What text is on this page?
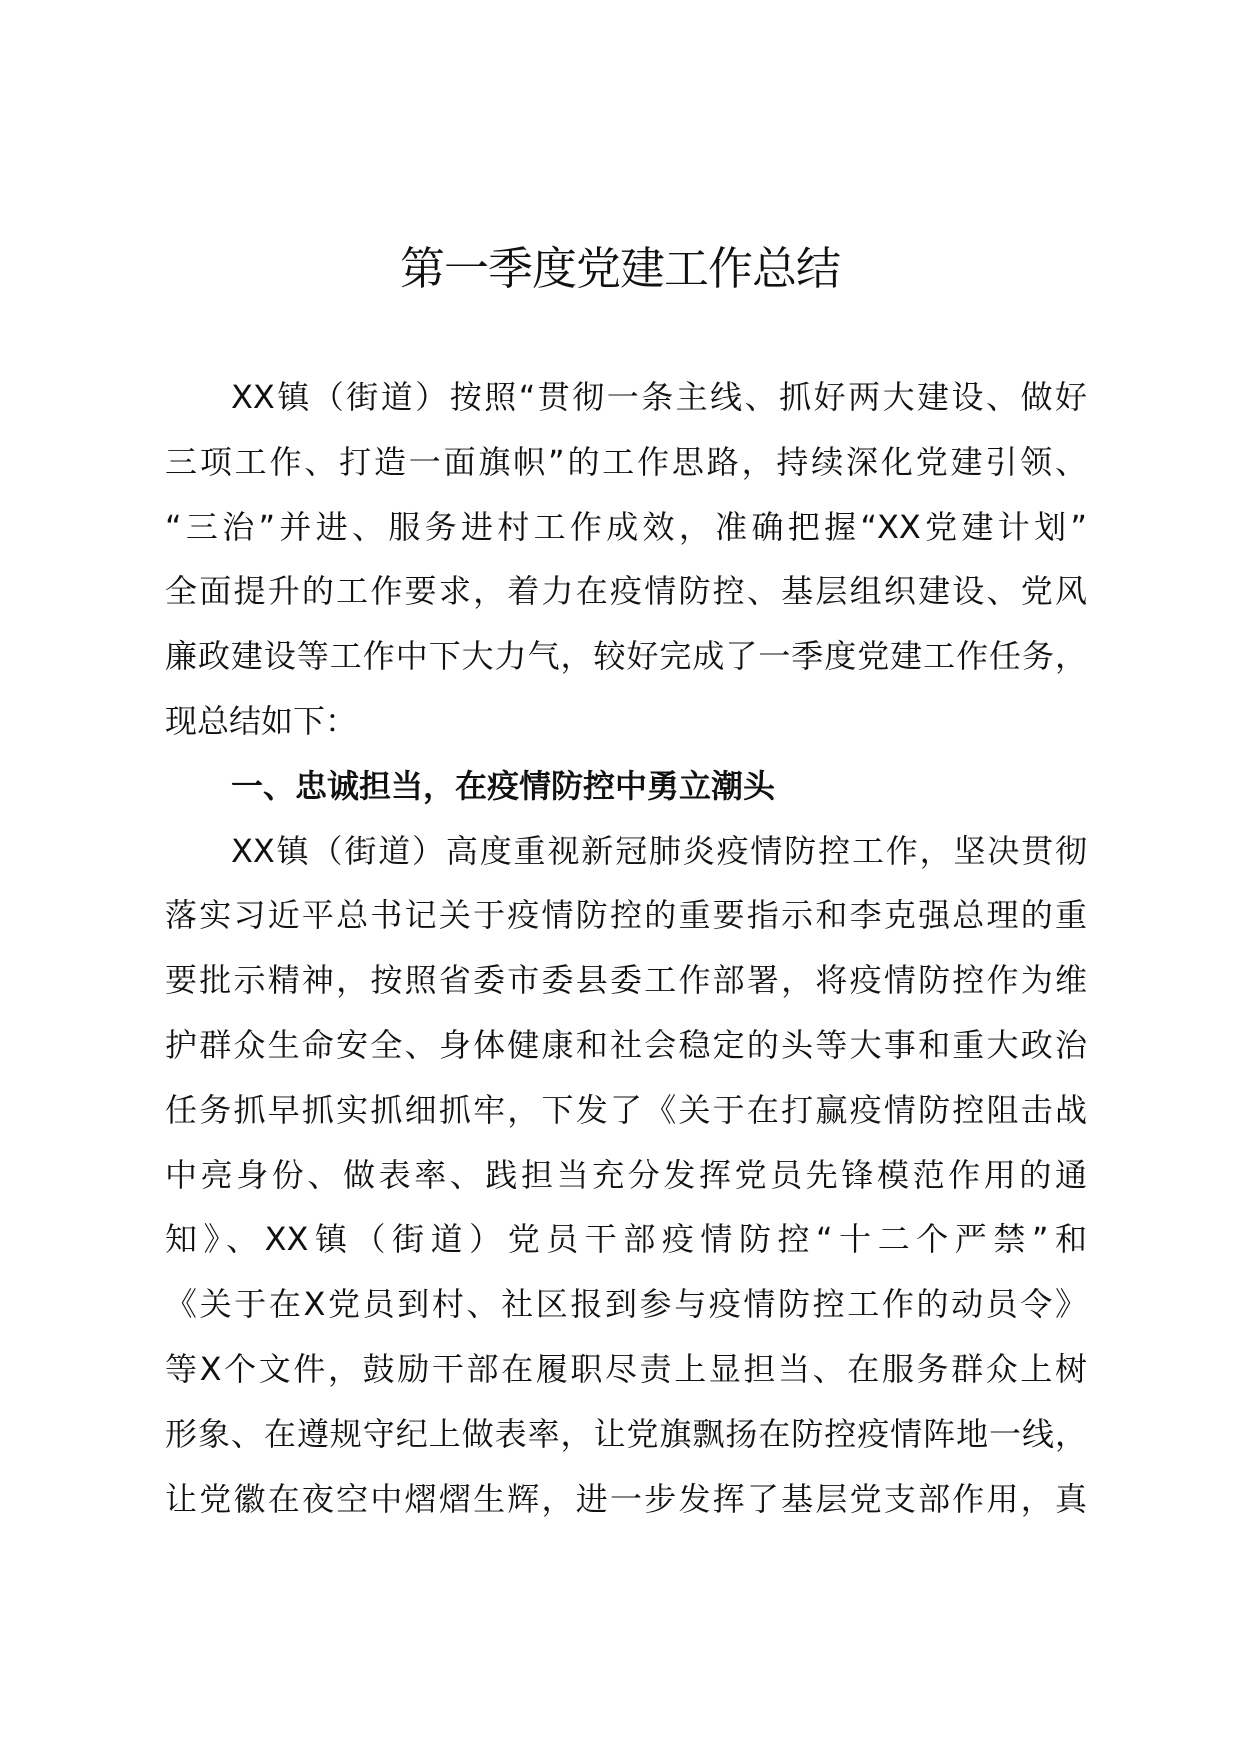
第一季度党建工作总结
XX镇（街道）按照“贯彻一条主线、抓好两大建设、做好
三项工作、打造一面旗帜”的工作思路，持续深化党建引领、
“三治”并进、服务进村工作成效，准确把握“XX党建计划”
全面提升的工作要求，着力在疫情防控、基层组织建设、党风
廉政建设等工作中下大力气，较好完成了一季度党建工作任务，
现总结如下：
一、忠诚担当，在疫情防控中勇立潮头
XX镇（街道）高度重视新冠肺炎疫情防控工作，坚决贯彻
落实习近平总书记关于疫情防控的重要指示和李克强总理的重
要批示精神，按照省委市委县委工作部署，将疫情防控作为维
护群众生命安全、身体健康和社会稳定的头等大事和重大政治
任务抓早抓实抓细抓牢，下发了《关于在打赢疫情防控阻击战
中亮身份、做表率、践担当充分发挥党员先锋模范作用的通
知》、XX镇（街道）党员干部疫情防控“十二个严禁”和
《关于在X党员到村、社区报到参与疫情防控工作的动员令》
等X个文件，鼓励干部在履职尽责上显担当、在服务群众上树
形象、在遵规守纪上做表率，让党旗飘扬在防控疫情阵地一线，
让党徽在夜空中熠熠生辉，进一步发挥了基层党支部作用，真
